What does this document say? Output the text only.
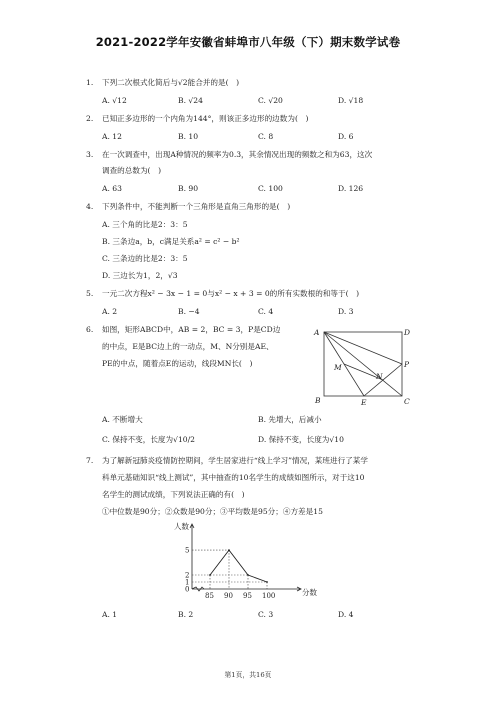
2021-2022学年安徽省蚌埠市八年级（下）期末数学试卷
1. 下列二次根式化简后与√2能合并的是(　)
A. √12	B. √24	C. √20	D. √18
2. 已知正多边形的一个内角为144°，则该正多边形的边数为(　)
A. 12	B. 10	C. 8	D. 6
3. 在一次调查中，出现A种情况的频率为0.3，其余情况出现的频数之和为63，这次
调查的总数为(　)
A. 63	B. 90	C. 100	D. 126
4. 下列条件中，不能判断一个三角形是直角三角形的是(　)
A. 三个角的比是2：3：5
B. 三条边a，b，c满足关系a² = c² − b²
C. 三条边的比是2：3：5
D. 三边长为1，2，√3
5. 一元二次方程x² − 3x − 1 = 0与x² − x + 3 = 0的所有实数根的和等于(　)
A. 2	B. −4	C. 4	D. 3
6. 如图，矩形ABCD中，AB = 2，BC = 3，P是CD边
的中点，E是BC边上的一动点，M、N分别是AE、
PE的中点，随着点E的运动，线段MN长(　)
A	D
B	C
P
M
N
E
A. 不断增大	B. 先增大，后减小
C. 保持不变，长度为√10/2	D. 保持不变，长度为√10
7. 为了解新冠肺炎疫情防控期间，学生居家进行“线上学习”情况，某班进行了某学
科单元基础知识“线上测试”，其中抽查的10名学生的成绩如图所示，对于这10
名学生的测试成绩，下列说法正确的有(　)
①中位数是90分；②众数是90分；③平均数是95分；④方差是15
人数
分数
85 90 95 100
0
1
2
5
A. 1	B. 2	C. 3	D. 4
第1页，共16页
